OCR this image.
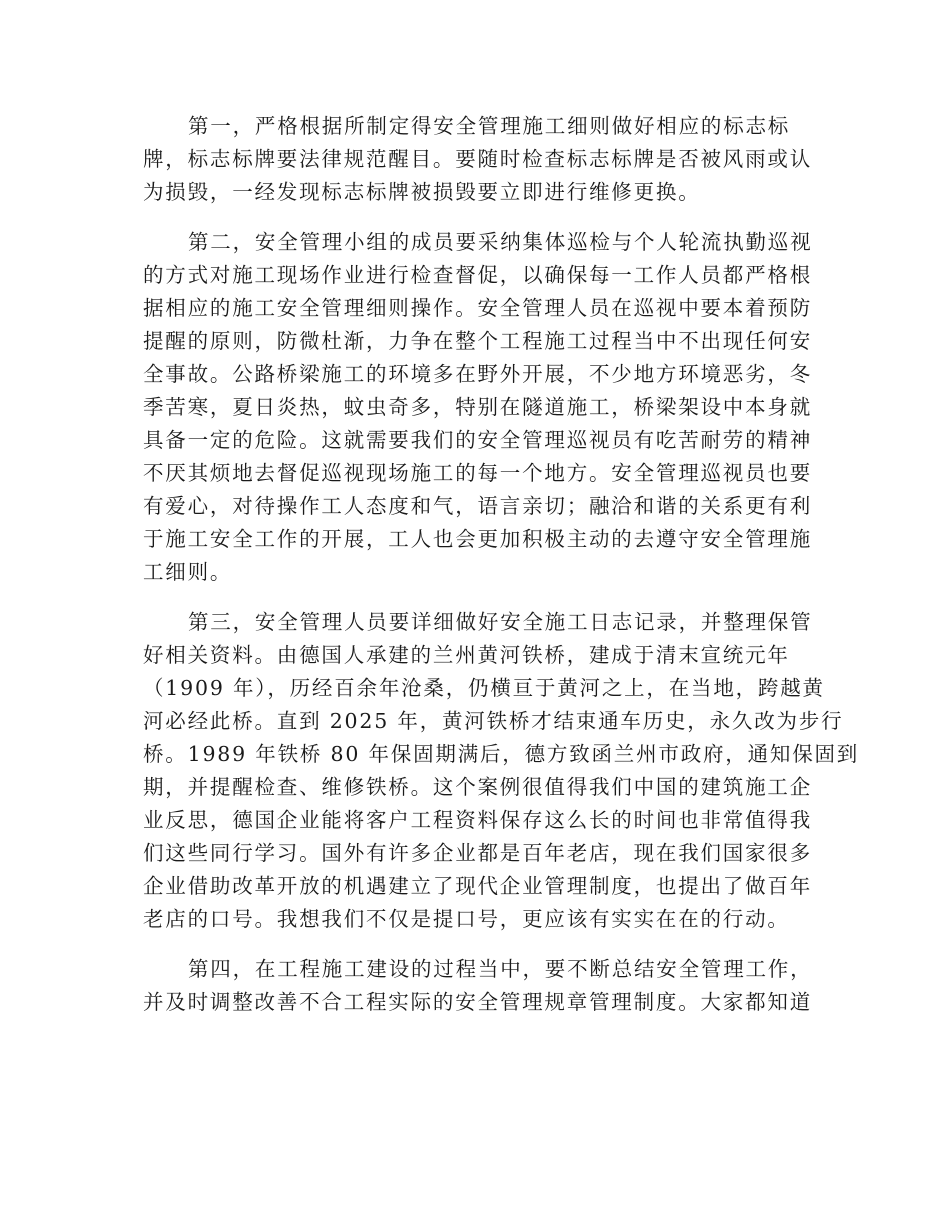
第一，严格根据所制定得安全管理施工细则做好相应的标志标
牌，标志标牌要法律规范醒目。要随时检查标志标牌是否被风雨或认
为损毁，一经发现标志标牌被损毁要立即进行维修更换。

第二，安全管理小组的成员要采纳集体巡检与个人轮流执勤巡视
的方式对施工现场作业进行检查督促，以确保每一工作人员都严格根
据相应的施工安全管理细则操作。安全管理人员在巡视中要本着预防
提醒的原则，防微杜渐，力争在整个工程施工过程当中不出现任何安
全事故。公路桥梁施工的环境多在野外开展，不少地方环境恶劣，冬
季苦寒，夏日炎热，蚊虫奇多，特别在隧道施工，桥梁架设中本身就
具备一定的危险。这就需要我们的安全管理巡视员有吃苦耐劳的精神
不厌其烦地去督促巡视现场施工的每一个地方。安全管理巡视员也要
有爱心，对待操作工人态度和气，语言亲切；融洽和谐的关系更有利
于施工安全工作的开展，工人也会更加积极主动的去遵守安全管理施
工细则。

第三，安全管理人员要详细做好安全施工日志记录，并整理保管
好相关资料。由德国人承建的兰州黄河铁桥，建成于清末宣统元年
（1909 年），历经百余年沧桑，仍横亘于黄河之上，在当地，跨越黄
河必经此桥。直到 2025 年，黄河铁桥才结束通车历史，永久改为步行
桥。1989 年铁桥 80 年保固期满后，德方致函兰州市政府，通知保固到
期，并提醒检查、维修铁桥。这个案例很值得我们中国的建筑施工企
业反思，德国企业能将客户工程资料保存这么长的时间也非常值得我
们这些同行学习。国外有许多企业都是百年老店，现在我们国家很多
企业借助改革开放的机遇建立了现代企业管理制度，也提出了做百年
老店的口号。我想我们不仅是提口号，更应该有实实在在的行动。

第四，在工程施工建设的过程当中，要不断总结安全管理工作，
并及时调整改善不合工程实际的安全管理规章管理制度。大家都知道
